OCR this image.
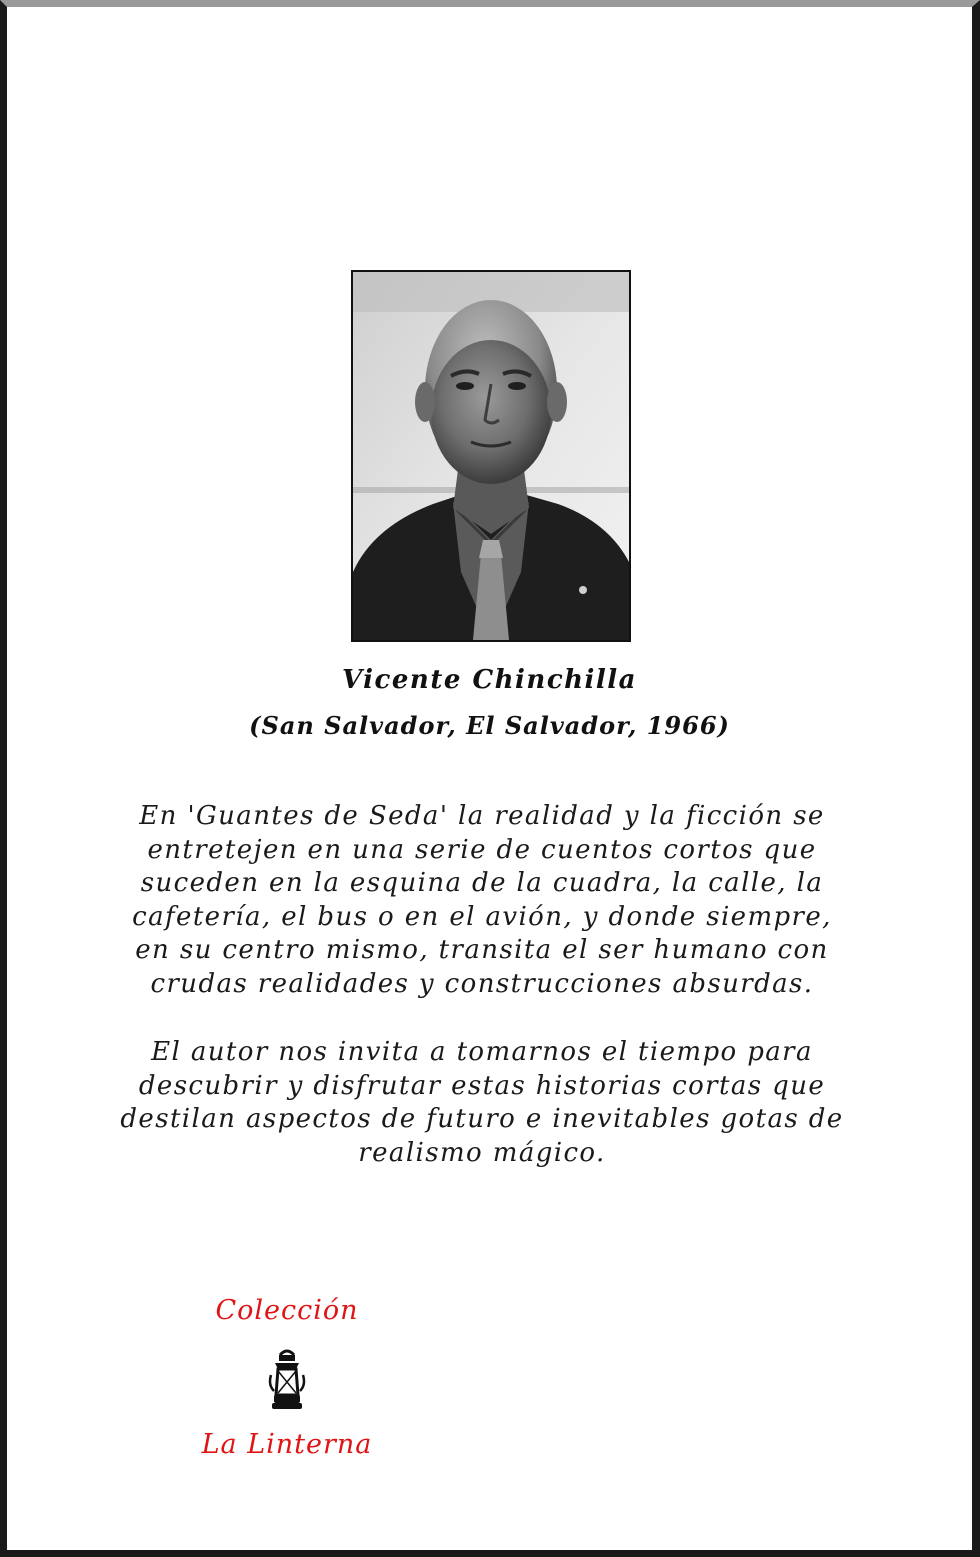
Vicente Chinchilla
(San Salvador, El Salvador, 1966)

En 'Guantes de Seda' la realidad y la ficción se entretejen en una serie de cuentos cortos que suceden en la esquina de la cuadra, la calle, la cafetería, el bus o en el avión, y donde siempre, en su centro mismo, transita el ser humano con crudas realidades y construcciones absurdas.

El autor nos invita a tomarnos el tiempo para descubrir y disfrutar estas historias cortas que destilan aspectos de futuro e inevitables gotas de realismo mágico.

Colección
La Linterna
